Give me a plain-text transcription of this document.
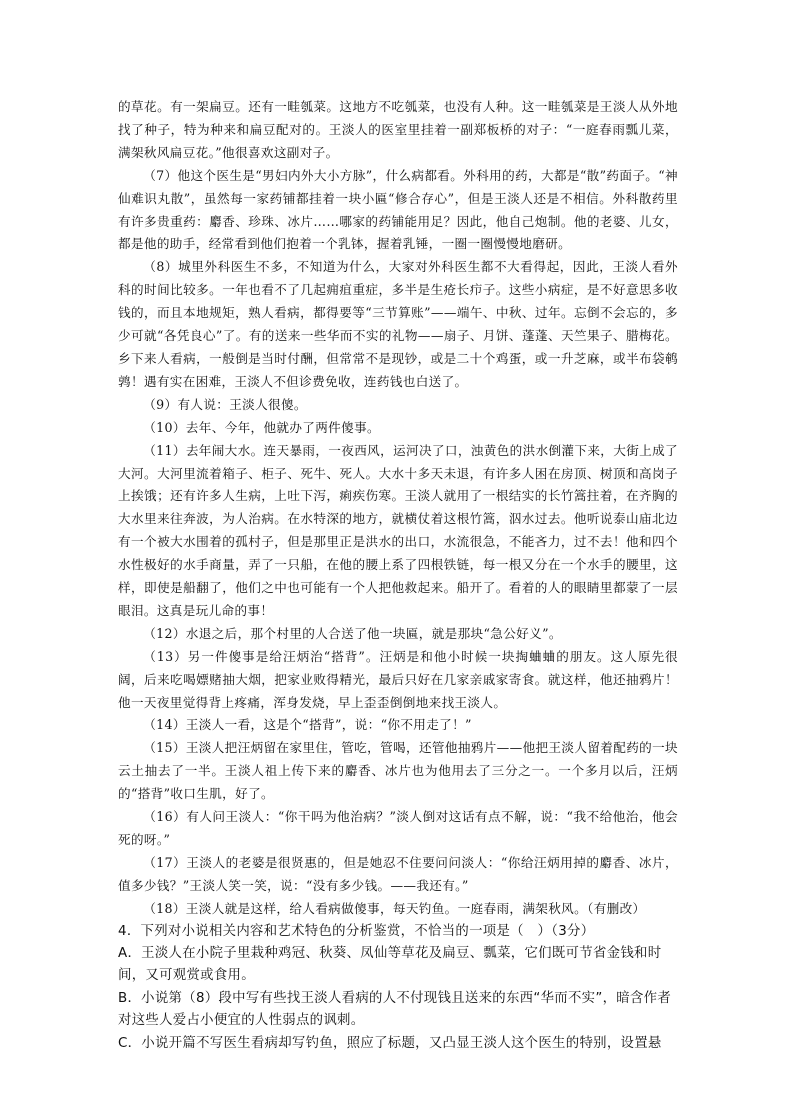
的草花。有一架扁豆。还有一畦瓠菜。这地方不吃瓠菜，也没有人种。这一畦瓠菜是王淡人从外地找了种子，特为种来和扁豆配对的。王淡人的医室里挂着一副郑板桥的对子：“一庭春雨瓢儿菜，满架秋风扁豆花。”他很喜欢这副对子。

（7）他这个医生是“男妇内外大小方脉”，什么病都看。外科用的药，大都是“散”药面子。“神仙难识丸散”，虽然每一家药铺都挂着一块小匾“修合存心”，但是王淡人还是不相信。外科散药里有许多贵重药：麝香、珍珠、冰片……哪家的药铺能用足？因此，他自己炮制。他的老婆、儿女，都是他的助手，经常看到他们抱着一个乳钵，握着乳锤，一圈一圈慢慢地磨研。

（8）城里外科医生不多，不知道为什么，大家对外科医生都不大看得起，因此，王淡人看外科的时间比较多。一年也看不了几起痈疽重症，多半是生疮长疖子。这些小病症，是不好意思多收钱的，而且本地规矩，熟人看病，都得要等“三节算账”——端午、中秋、过年。忘倒不会忘的，多少可就“各凭良心”了。有的送来一些华而不实的礼物——扇子、月饼、蓬蓬、天竺果子、腊梅花。乡下来人看病，一般倒是当时付酬，但常常不是现钞，或是二十个鸡蛋，或一升芝麻，或半布袋鹌鹑！遇有实在困难，王淡人不但诊费免收，连药钱也白送了。

（9）有人说：王淡人很傻。

（10）去年、今年，他就办了两件傻事。

（11）去年闹大水。连天暴雨，一夜西风，运河决了口，浊黄色的洪水倒灌下来，大街上成了大河。大河里流着箱子、柜子、死牛、死人。大水十多天未退，有许多人困在房顶、树顶和高岗子上挨饿；还有许多人生病，上吐下泻，痢疾伤寒。王淡人就用了一根结实的长竹篙拄着，在齐胸的大水里来往奔波，为人治病。在水特深的地方，就横仗着这根竹篙，泅水过去。他听说泰山庙北边有一个被大水围着的孤村子，但是那里正是洪水的出口，水流很急，不能吝力，过不去！他和四个水性极好的水手商量，弄了一只船，在他的腰上系了四根铁链，每一根又分在一个水手的腰里，这样，即使是船翻了，他们之中也可能有一个人把他救起来。船开了。看着的人的眼睛里都蒙了一层眼泪。这真是玩儿命的事！

（12）水退之后，那个村里的人合送了他一块匾，就是那块“急公好义”。

（13）另一件傻事是给汪炳治“搭背”。汪炳是和他小时候一块掏蛐蛐的朋友。这人原先很阔，后来吃喝嫖赌抽大烟，把家业败得精光，最后只好在几家亲戚家寄食。就这样，他还抽鸦片！他一天夜里觉得背上疼痛，浑身发烧，早上歪歪倒倒地来找王淡人。

（14）王淡人一看，这是个“搭背”，说：“你不用走了！”

（15）王淡人把汪炳留在家里住，管吃，管喝，还管他抽鸦片——他把王淡人留着配药的一块云土抽去了一半。王淡人祖上传下来的麝香、冰片也为他用去了三分之一。一个多月以后，汪炳的“搭背”收口生肌，好了。

（16）有人问王淡人：“你干吗为他治病？”淡人倒对这话有点不解，说：“我不给他治，他会死的呀。”

（17）王淡人的老婆是很贤惠的，但是她忍不住要问问淡人：“你给汪炳用掉的麝香、冰片，值多少钱？”王淡人笑一笑，说：“没有多少钱。——我还有。”

（18）王淡人就是这样，给人看病做傻事，每天钓鱼。一庭春雨，满架秋风。（有删改）

4．下列对小说相关内容和艺术特色的分析鉴赏，不恰当的一项是（　）（3分）

A．王淡人在小院子里栽种鸡冠、秋葵、凤仙等草花及扁豆、瓢菜，它们既可节省金钱和时间，又可观赏或食用。

B．小说第（8）段中写有些找王淡人看病的人不付现钱且送来的东西“华而不实”，暗含作者对这些人爱占小便宜的人性弱点的讽刺。

C．小说开篇不写医生看病却写钓鱼，照应了标题，又凸显王淡人这个医生的特别，设置悬
